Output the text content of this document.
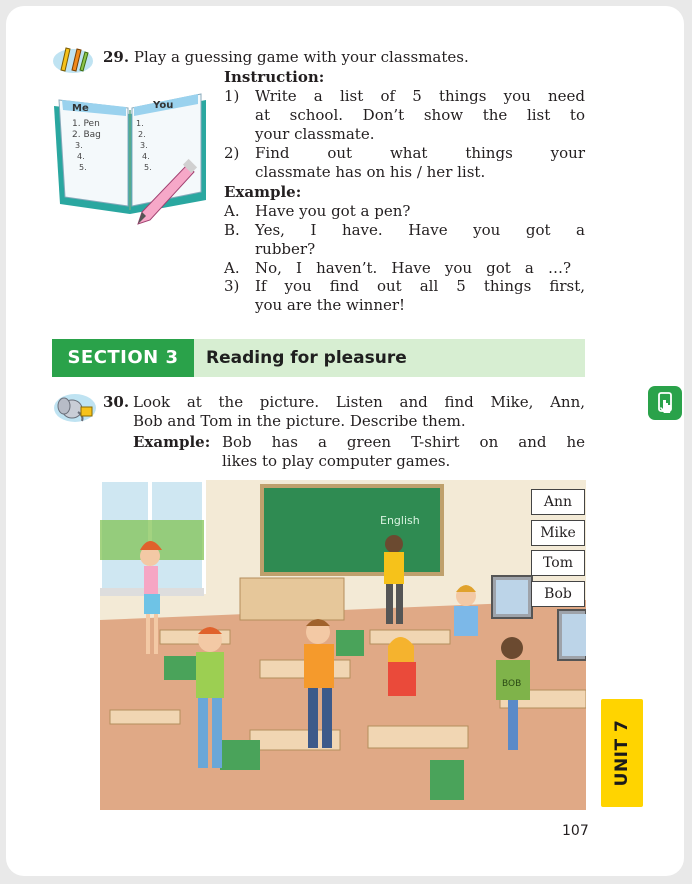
29. Play a guessing game with your classmates.
Instruction:
1) Write a list of 5 things you need
at school. Don’t show the list to
your classmate.
2) Find out what things your
classmate has on his / her list.
Example:
A. Have you got a pen?
B. Yes, I have. Have you got a
rubber?
A. No, I haven’t. Have you got a …?
3) If you find out all 5 things first,
you are the winner!
Me	You
1. Pen
2. Bag
3.
4.
5.
1.
2.
3.
4.
5.
SECTION 3	Reading for pleasure
30. Look at the picture. Listen and find Mike, Ann,
Bob and Tom in the picture. Describe them.
Example: Bob has a green T-shirt on and he
likes to play computer games.
English
BOB
Ann
Mike
Tom
Bob
UNIT 7
107
